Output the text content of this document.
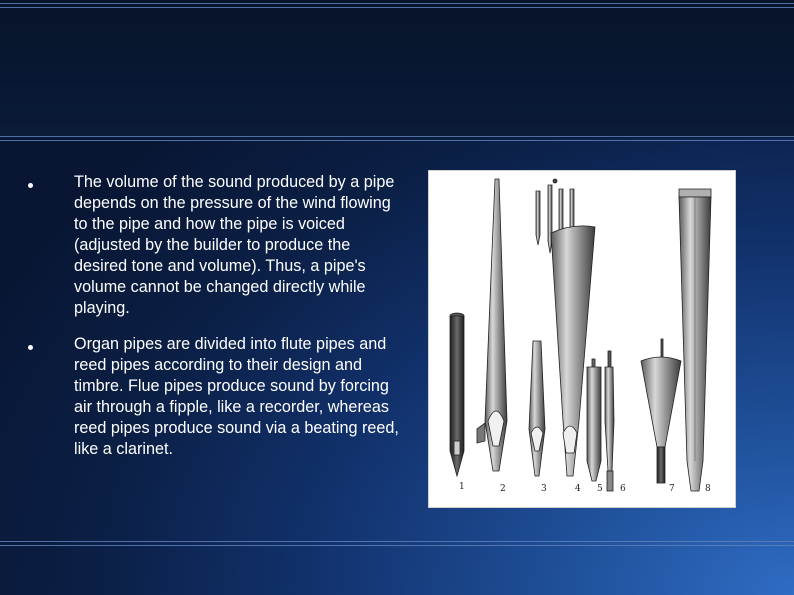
The volume of the sound produced by a pipe depends on the pressure of the wind flowing to the pipe and how the pipe is voiced (adjusted by the builder to produce the desired tone and volume). Thus, a pipe's volume cannot be changed directly while playing.
Organ pipes are divided into flute pipes and reed pipes according to their design and timbre. Flue pipes produce sound by forcing air through a fipple, like a recorder, whereas reed pipes produce sound via a beating reed, like a clarinet.
1	2	3	4 5 6	7	8
